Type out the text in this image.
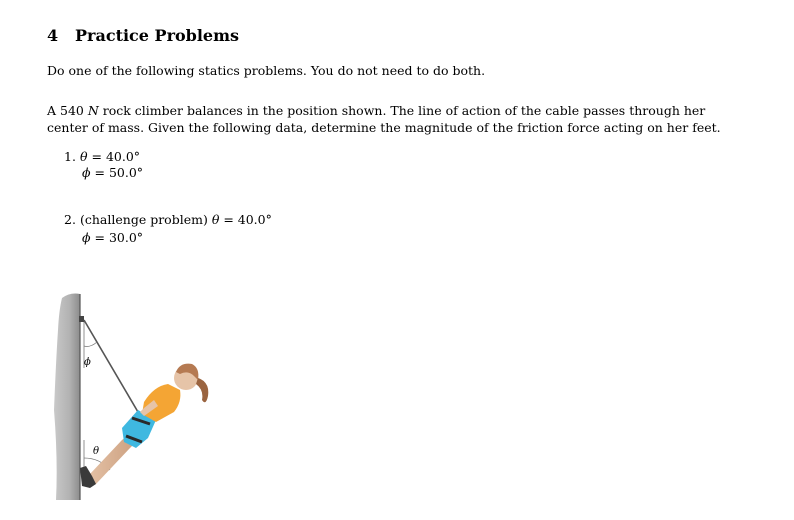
4 Practice Problems
Do one of the following statics problems. You do not need to do both.
A 540 N rock climber balances in the position shown. The line of action of the cable passes through her
center of mass. Given the following data, determine the magnitude of the friction force acting on her feet.
1. θ = 40.0°
ϕ = 50.0°
2. (challenge problem) θ = 40.0°
ϕ = 30.0°
ϕ
θ
